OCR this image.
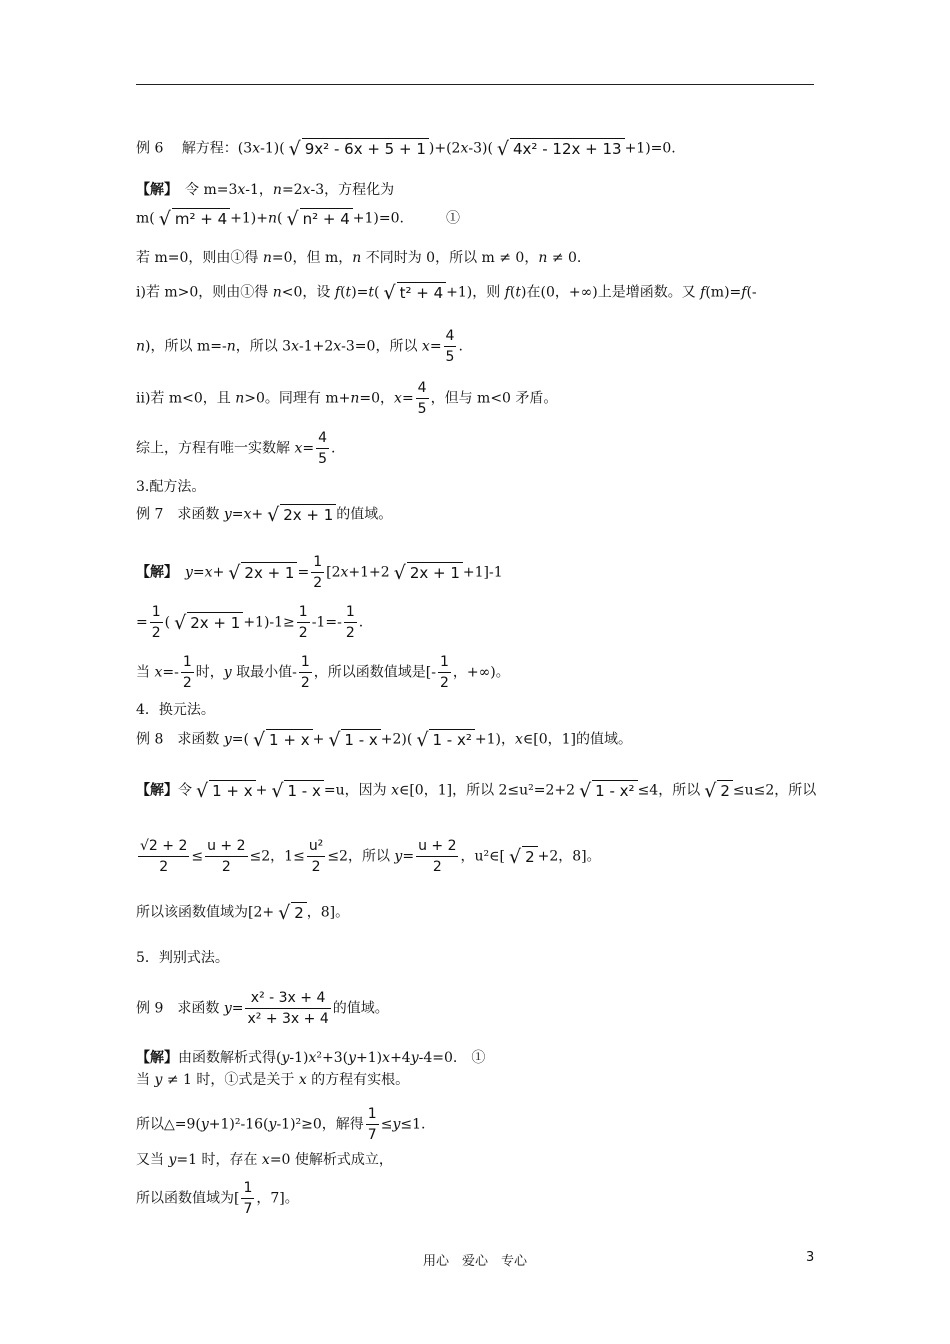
例 6　 解方程：(3x-1)( √ 9x² - 6x + 5 + 1 )+(2x-3)( √ 4x² - 12x + 13 +1)=0.
【解】　令 m=3x-1，n=2x-3，方程化为
m( √ m² + 4 +1)+n( √ n² + 4 +1)=0.　　　①
若 m=0，则由①得 n=0，但 m，n 不同时为 0，所以 m ≠ 0，n ≠ 0.
ⅰ)若 m>0，则由①得 n<0，设 f(t)=t( √ t² + 4 +1)，则 f(t)在(0，+∞)上是增函数。又 f(m)=f(-
n)，所以 m=-n，所以 3x-1+2x-3=0，所以 $x= \frac{4}{5}$ .
ⅱ)若 m<0，且 n>0。同理有 m+n=0，$x= \frac{4}{5}$ ，但与 m<0 矛盾。
综上，方程有唯一实数解 $x= \frac{4}{5}$ .
3.配方法。
例 7　求函数 y=x+ √ 2x + 1 的值域。
【解】　 y=x+ √ $2x + 1 = \frac{1}{2} [2x+1+2$ √ 2x + 1 +1]-1
= $\frac{1}{2}$ ( √ $2x + 1 +1)-1\ge \frac{1}{2} -1=- \frac{1}{2}$ .
当 $x=- \frac{1}{2}$ 时，y 取最小值- $\frac{1}{2}$ ，所以函数值域是[- $\frac{1}{2}$ ，+∞)。
4．换元法。
例 8　求函数 y=( √ 1 + x + √ 1 - x +2)( √ 1 - x² +1)，x∈[0，1]的值域。
【解】令 √ 1 + x + √ 1 - x =u，因为 x∈[0，1]，所以 2≤u²=2+2 √ 1 - x² ≤4，所以 √ 2 ≤u≤2，所以
$\frac{√2 + 2}{2} \le \frac{u + 2}{2} \le 2$，$1\le \frac{\text{u²}}{2} \le 2$，所以 $y= \frac{u + 2}{2}$ ，u²∈[ √ 2 +2，8]。
所以该函数值域为[2+ √ 2 ，8]。
5．判别式法。
例 9　求函数 $y= \frac{\text{x² - 3x + 4}}{\text{x² + 3x + 4}}$ 的值域。
【解】由函数解析式得(y-1)x²+3(y+1)x+4y-4=0.　①
当 y ≠ 1 时，①式是关于 x 的方程有实根。
所以△=9(y+1)²-16(y-1)²≥0，解得 $\frac{1}{7} \le y\le 1$.
又当 y=1 时，存在 x=0 使解析式成立，
所以函数值域为[ $\frac{1}{7}$ ，7]。
用心　爱心　专心	3
